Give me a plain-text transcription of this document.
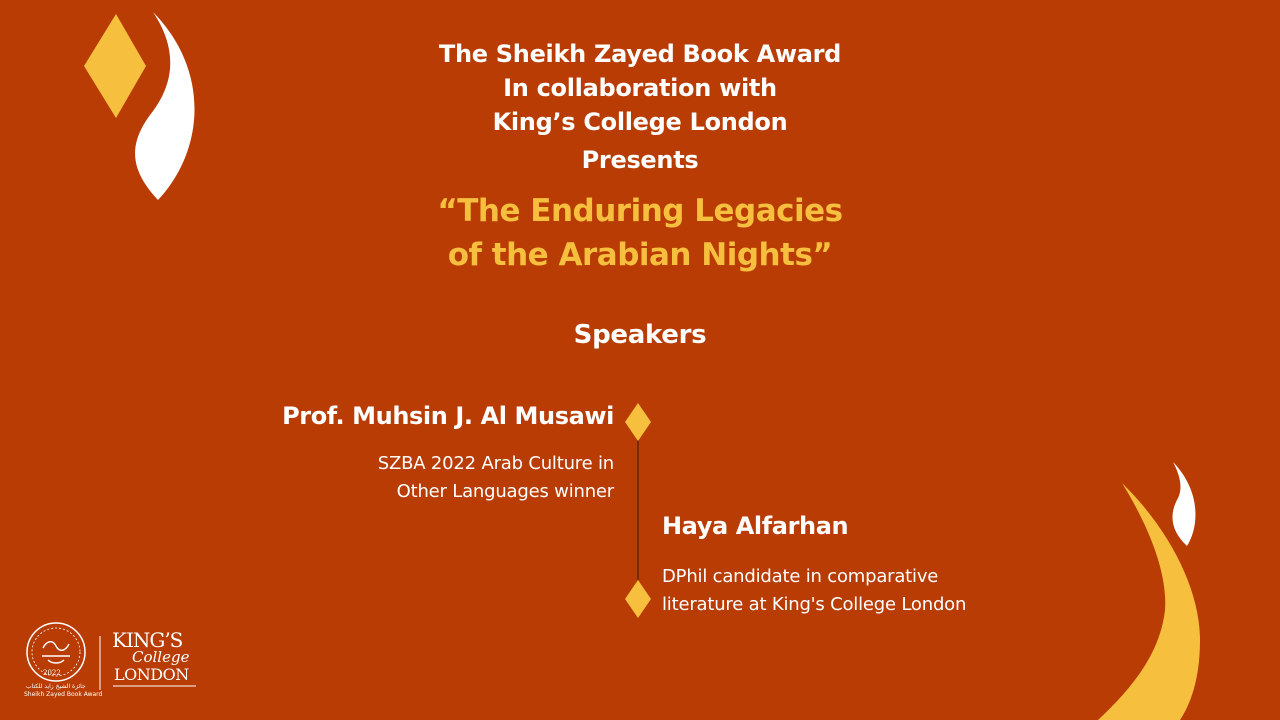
The Sheikh Zayed Book Award
In collaboration with
King’s College London
Presents
“The Enduring Legacies
of the Arabian Nights”
Speakers
Prof. Muhsin J. Al Musawi
SZBA 2022 Arab Culture in
Other Languages winner
Haya Alfarhan
DPhil candidate in comparative
literature at King's College London
2022
جائزة الشيخ زايد للكتاب
Sheikh Zayed Book Award
KING’S
College
LONDON
